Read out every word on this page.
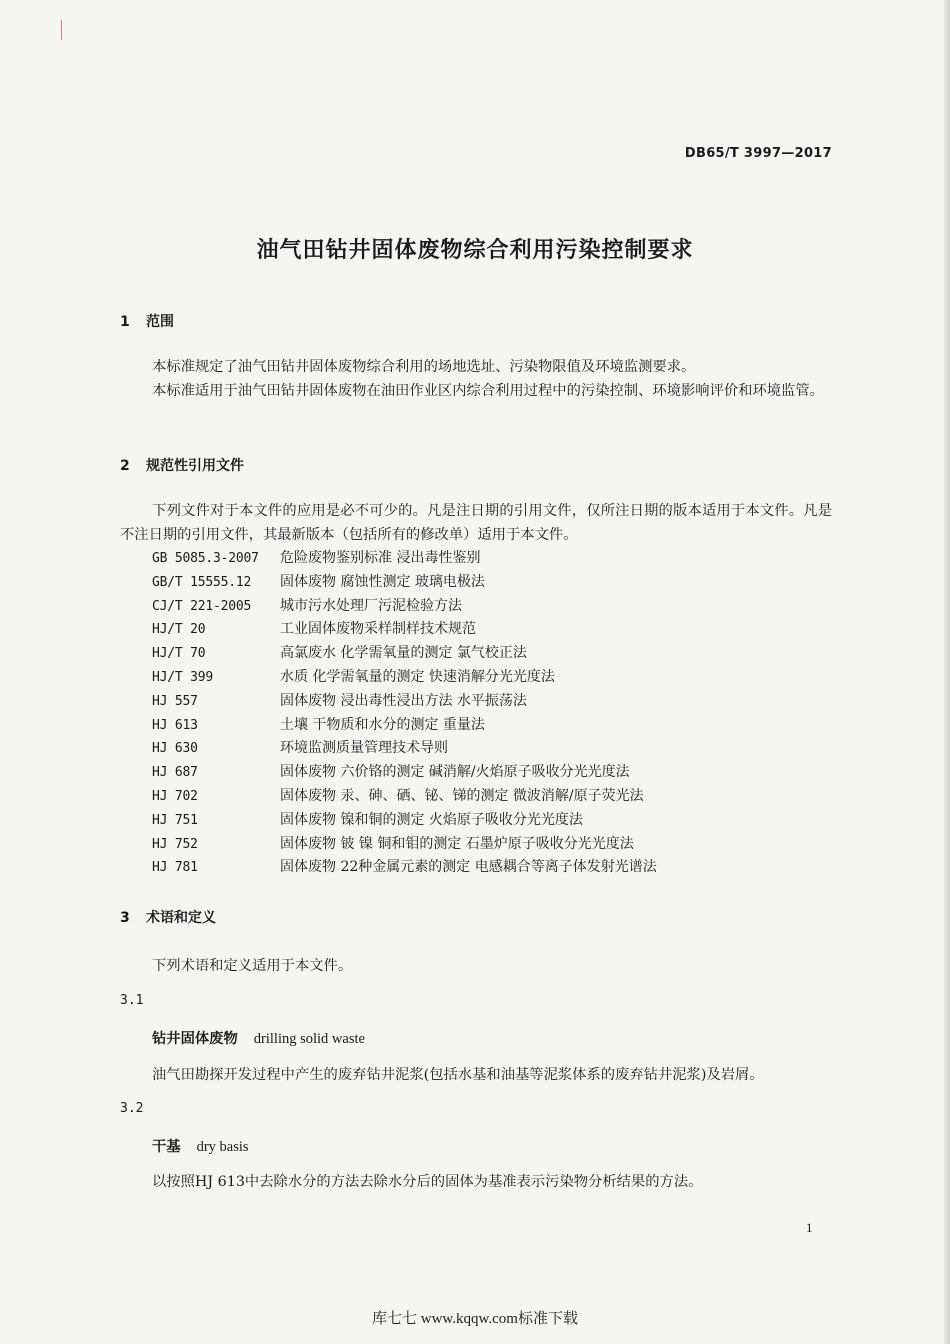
DB65/T 3997—2017
油气田钻井固体废物综合利用污染控制要求
1 范围
本标准规定了油气田钻井固体废物综合利用的场地选址、污染物限值及环境监测要求。
本标准适用于油气田钻井固体废物在油田作业区内综合利用过程中的污染控制、环境影响评价和环境监管。
2 规范性引用文件
下列文件对于本文件的应用是必不可少的。凡是注日期的引用文件，仅所注日期的版本适用于本文件。凡是不注日期的引用文件，其最新版本（包括所有的修改单）适用于本文件。
GB 5085.3-2007 危险废物鉴别标准 浸出毒性鉴别
GB/T 15555.12 固体废物 腐蚀性测定 玻璃电极法
CJ/T 221-2005 城市污水处理厂污泥检验方法
HJ/T 20	工业固体废物采样制样技术规范
HJ/T 70	高氯废水 化学需氧量的测定 氯气校正法
HJ/T 399	水质 化学需氧量的测定 快速消解分光光度法
HJ 557	固体废物 浸出毒性浸出方法 水平振荡法
HJ 613	土壤 干物质和水分的测定 重量法
HJ 630	环境监测质量管理技术导则
HJ 687	固体废物 六价铬的测定 碱消解/火焰原子吸收分光光度法
HJ 702	固体废物 汞、砷、硒、铋、锑的测定 微波消解/原子荧光法
HJ 751	固体废物 镍和铜的测定 火焰原子吸收分光光度法
HJ 752	固体废物 铍 镍 铜和钼的测定 石墨炉原子吸收分光光度法
HJ 781	固体废物 22种金属元素的测定 电感耦合等离子体发射光谱法
3 术语和定义
下列术语和定义适用于本文件。
3.1
钻井固体废物 drilling solid waste
油气田勘探开发过程中产生的废弃钻井泥浆(包括水基和油基等泥浆体系的废弃钻井泥浆)及岩屑。
3.2
干基 dry basis
以按照HJ 613中去除水分的方法去除水分后的固体为基准表示污染物分析结果的方法。
1
库七七 www.kqqw.com标准下载
